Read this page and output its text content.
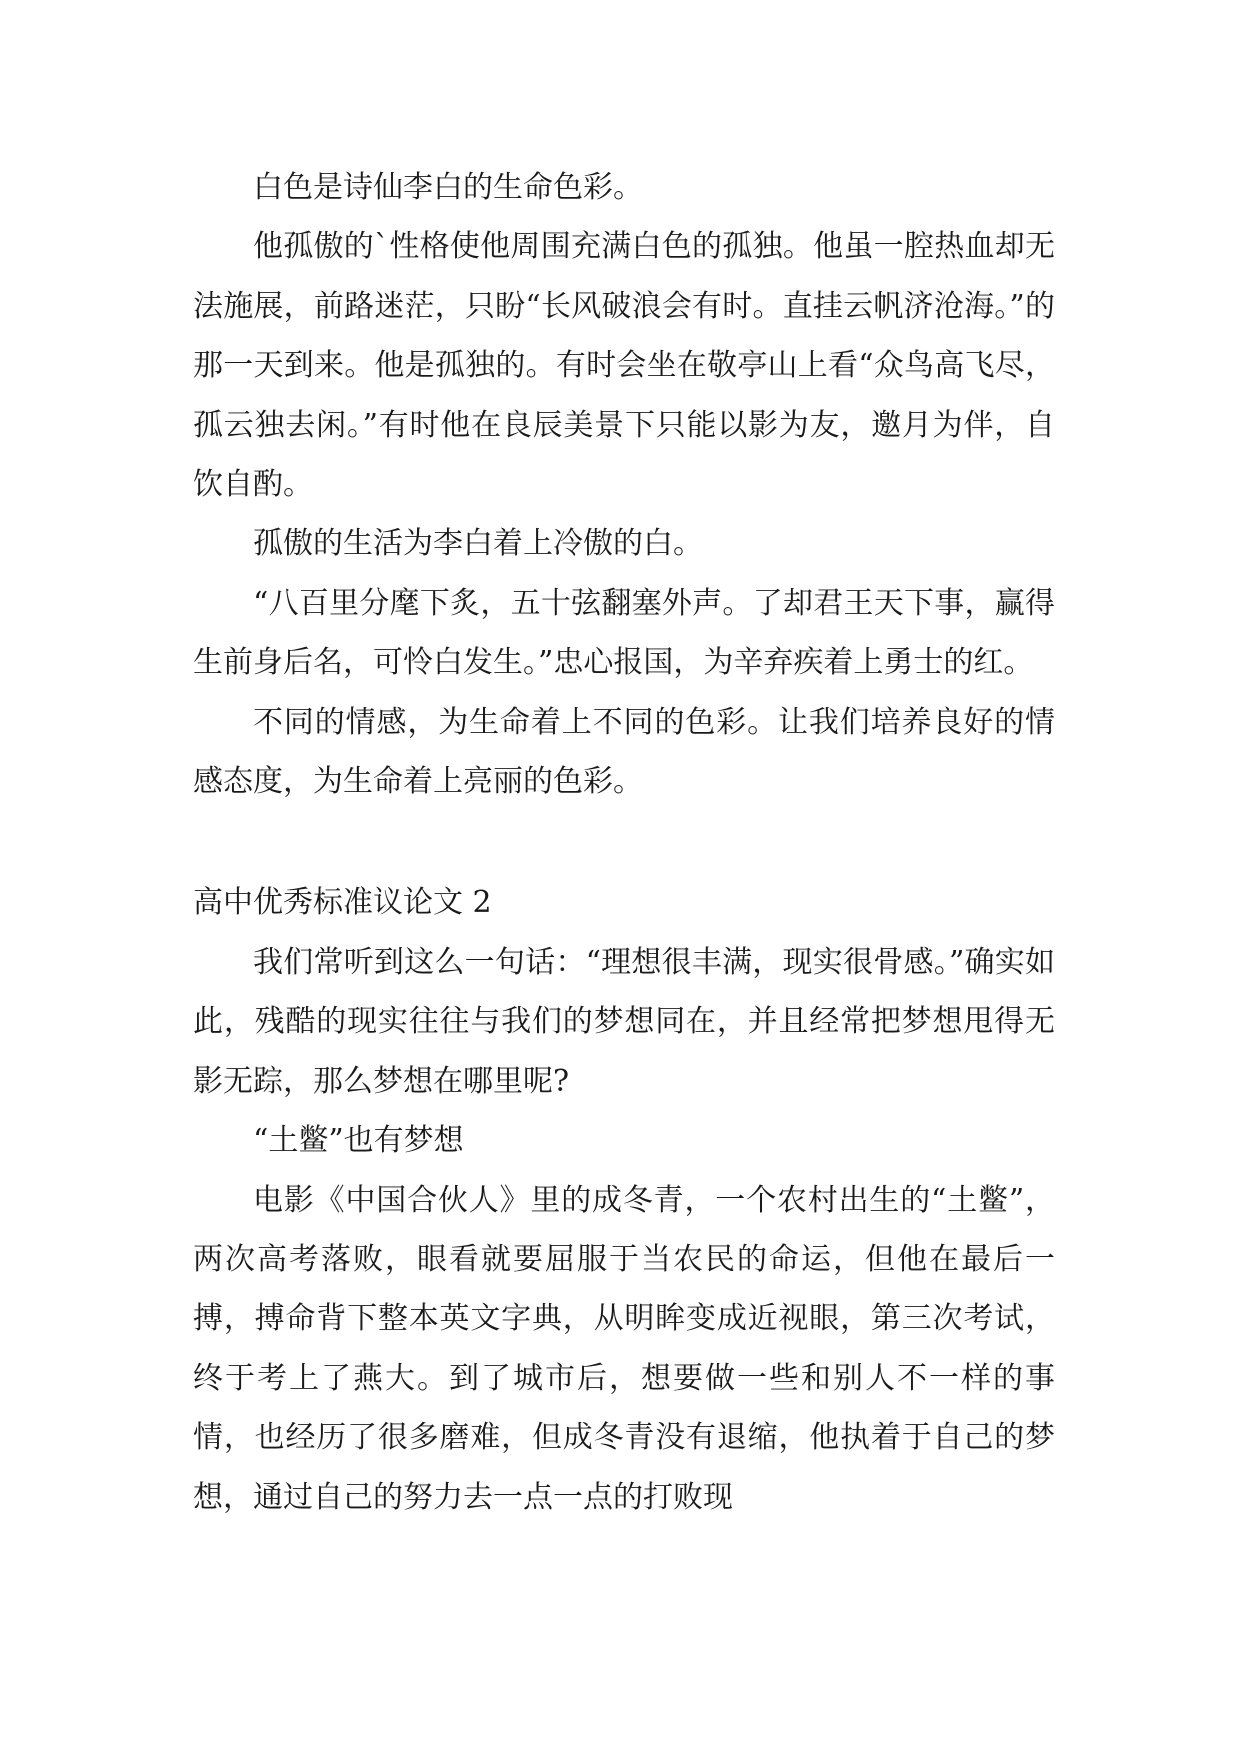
白色是诗仙李白的生命色彩。

他孤傲的`性格使他周围充满白色的孤独。他虽一腔热血却无法施展，前路迷茫，只盼“长风破浪会有时。直挂云帆济沧海。”的那一天到来。他是孤独的。有时会坐在敬亭山上看“众鸟高飞尽，孤云独去闲。”有时他在良辰美景下只能以影为友，邀月为伴，自饮自酌。

孤傲的生活为李白着上冷傲的白。

“八百里分麾下炙，五十弦翻塞外声。了却君王天下事，赢得生前身后名，可怜白发生。”忠心报国，为辛弃疾着上勇士的红。

不同的情感，为生命着上不同的色彩。让我们培养良好的情感态度，为生命着上亮丽的色彩。

高中优秀标准议论文 2

我们常听到这么一句话：“理想很丰满，现实很骨感。”确实如此，残酷的现实往往与我们的梦想同在，并且经常把梦想甩得无影无踪，那么梦想在哪里呢?

“土鳖”也有梦想

电影《中国合伙人》里的成冬青，一个农村出生的“土鳖”，两次高考落败，眼看就要屈服于当农民的命运，但他在最后一搏，搏命背下整本英文字典，从明眸变成近视眼，第三次考试，终于考上了燕大。到了城市后，想要做一些和别人不一样的事情，也经历了很多磨难，但成冬青没有退缩，他执着于自己的梦想，通过自己的努力去一点一点的打败现
